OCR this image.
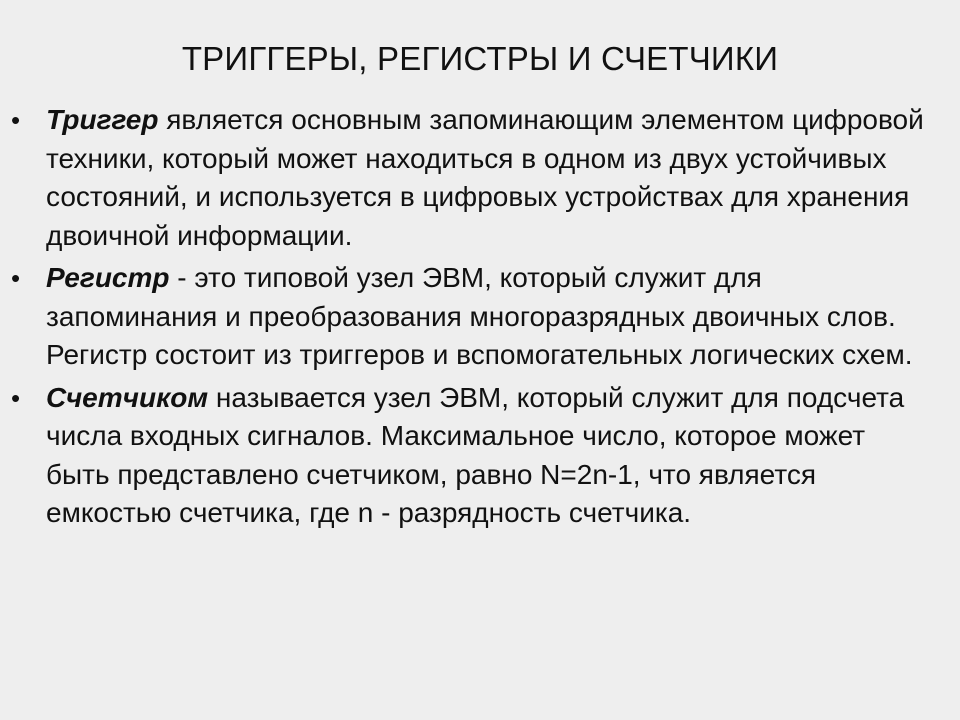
ТРИГГЕРЫ, РЕГИСТРЫ И СЧЕТЧИКИ
• Триггер является основным запоминающим элементом цифровой техники, который может находиться в одном из двух устойчивых состояний, и используется в цифровых устройствах для хранения двоичной информации.
• Регистр - это типовой узел ЭВМ, который служит для запоминания и преобразования многоразрядных двоичных слов. Регистр состоит из триггеров и вспомогательных логических схем.
• Счетчиком называется узел ЭВМ, который служит для подсчета числа входных сигналов. Максимальное число, которое может быть представлено счетчиком, равно N=2n-1, что является емкостью счетчика, где n - разрядность счетчика.
